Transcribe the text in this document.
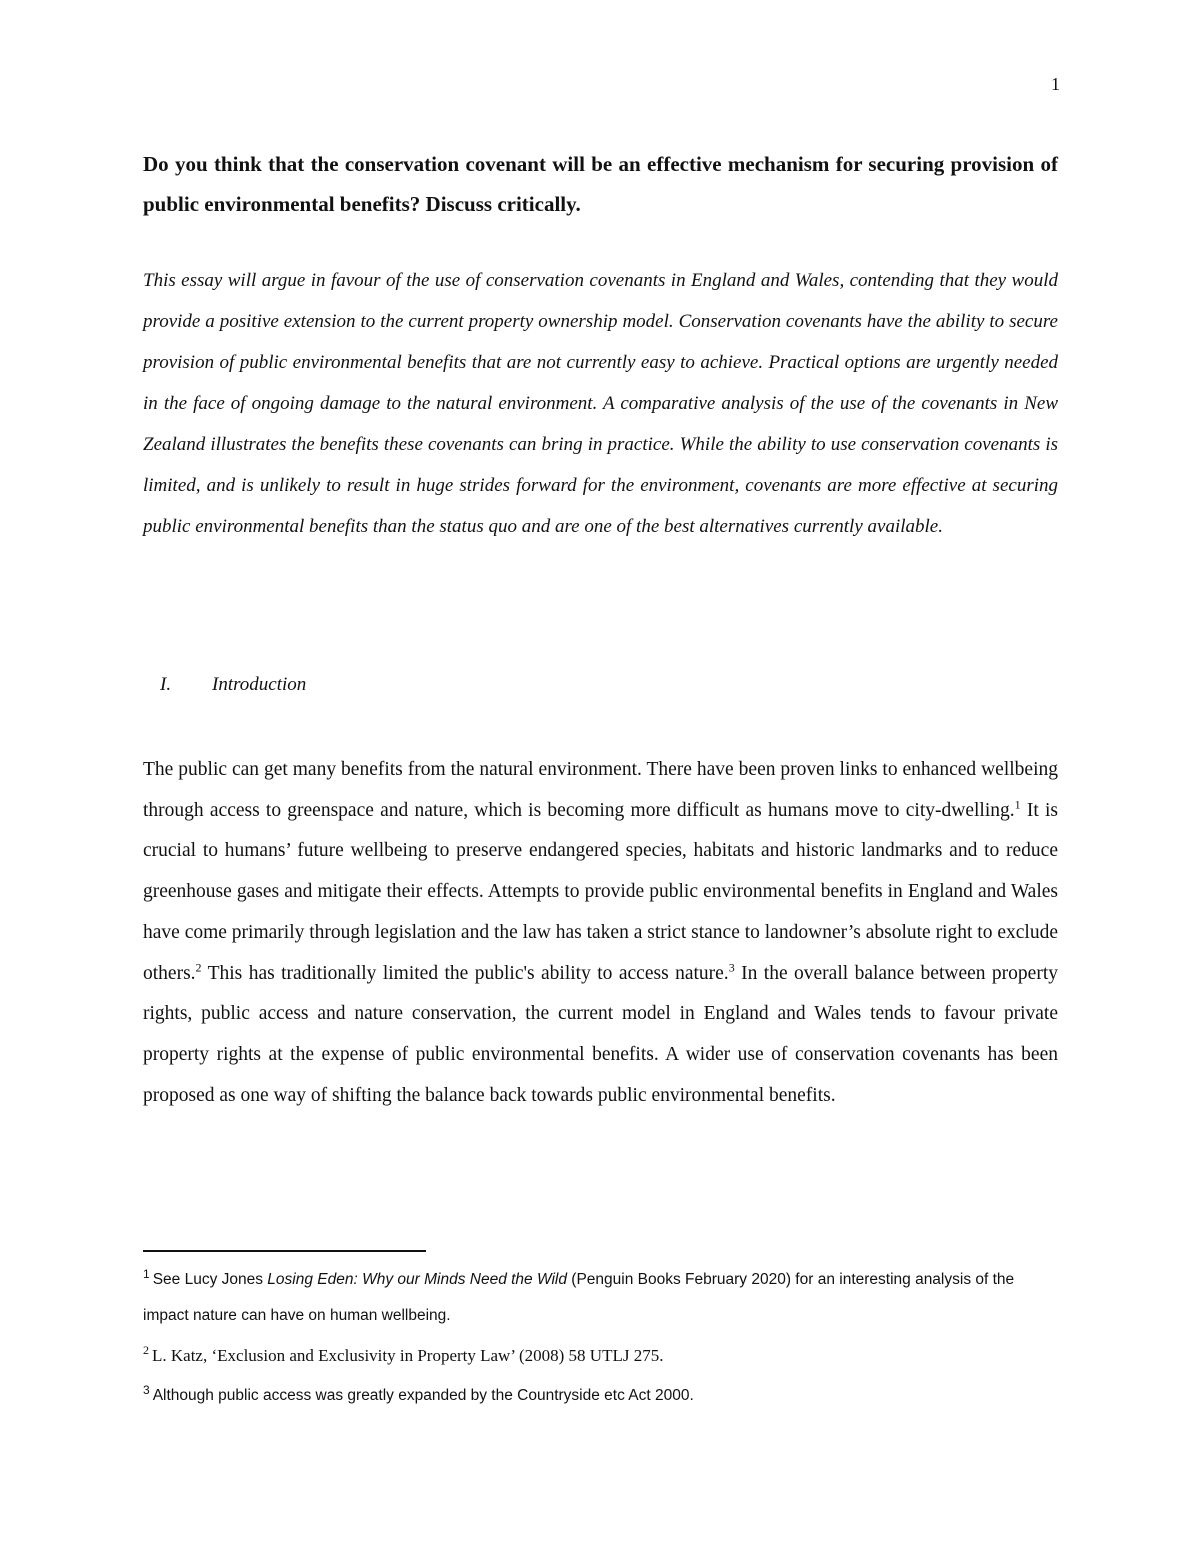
1
Do you think that the conservation covenant will be an effective mechanism for securing provision of public environmental benefits? Discuss critically.
This essay will argue in favour of the use of conservation covenants in England and Wales, contending that they would provide a positive extension to the current property ownership model. Conservation covenants have the ability to secure provision of public environmental benefits that are not currently easy to achieve. Practical options are urgently needed in the face of ongoing damage to the natural environment. A comparative analysis of the use of the covenants in New Zealand illustrates the benefits these covenants can bring in practice. While the ability to use conservation covenants is limited, and is unlikely to result in huge strides forward for the environment, covenants are more effective at securing public environmental benefits than the status quo and are one of the best alternatives currently available.
I. Introduction
The public can get many benefits from the natural environment. There have been proven links to enhanced wellbeing through access to greenspace and nature, which is becoming more difficult as humans move to city-dwelling.$^1$ It is crucial to humans’ future wellbeing to preserve endangered species, habitats and historic landmarks and to reduce greenhouse gases and mitigate their effects. Attempts to provide public environmental benefits in England and Wales have come primarily through legislation and the law has taken a strict stance to landowner’s absolute right to exclude others.$^2$ This has traditionally limited the public's ability to access nature.$^3$ In the overall balance between property rights, public access and nature conservation, the current model in England and Wales tends to favour private property rights at the expense of public environmental benefits. A wider use of conservation covenants has been proposed as one way of shifting the balance back towards public environmental benefits.

$^1$ See Lucy Jones Losing Eden: Why our Minds Need the Wild (Penguin Books February 2020) for an interesting analysis of the impact nature can have on human wellbeing.

$^2$ L. Katz, ‘Exclusion and Exclusivity in Property Law’ (2008) 58 UTLJ 275.

$^3$ Although public access was greatly expanded by the Countryside etc Act 2000.
